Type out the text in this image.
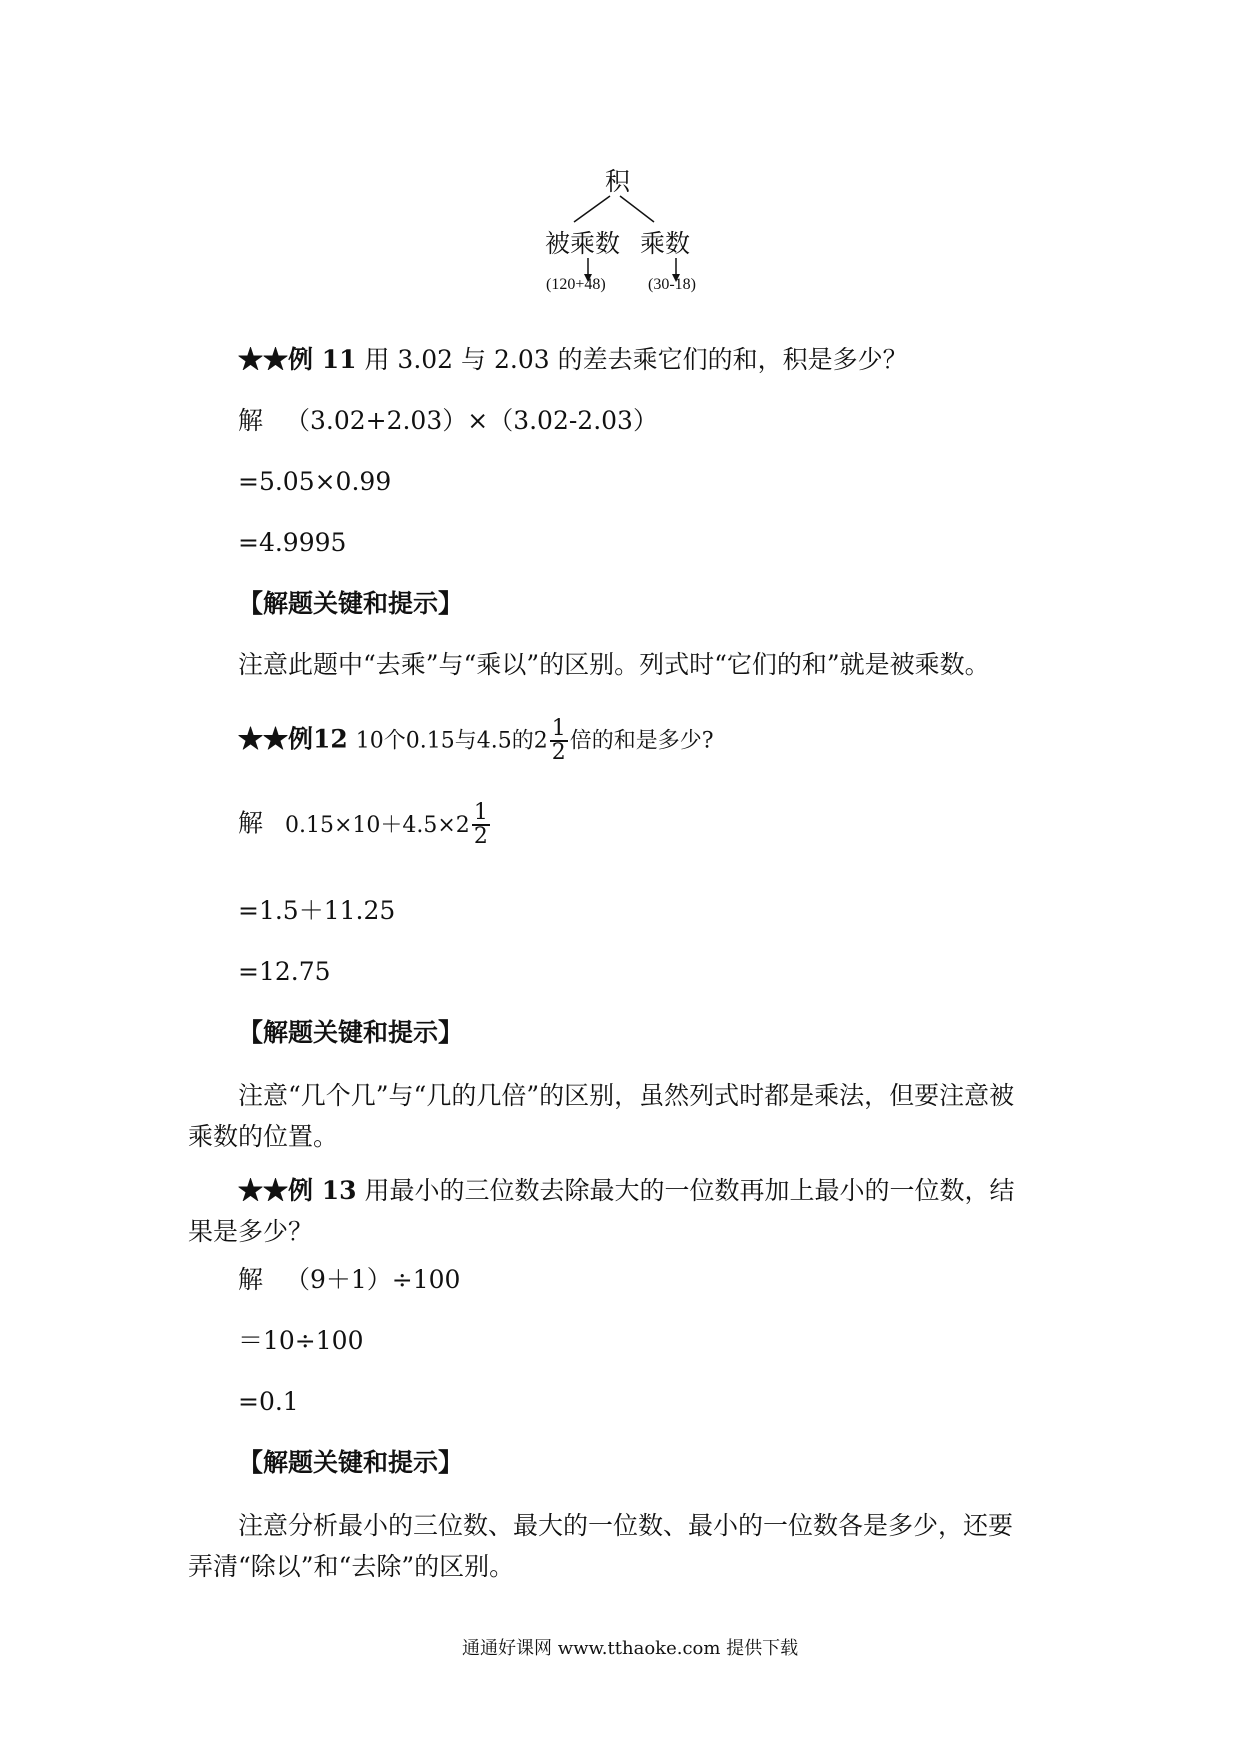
积
被乘数 乘数
(120+48)	(30-18)
★★例 11 用 3.02 与 2.03 的差去乘它们的和，积是多少？
解 （3.02+2.03）×（3.02-2.03）
=5.05×0.99
=4.9995
【解题关键和提示】
注意此题中“去乘”与“乘以”的区别。列式时“它们的和”就是被乘数。
★★例12 10个0.15与4.5的$2 \frac{1}{2}$ 倍的和是多少?
解 $0.15\times 10+4.5\times 2 \frac{1}{2}$
=1.5＋11.25
=12.75
【解题关键和提示】
注意“几个几”与“几的几倍”的区别，虽然列式时都是乘法，但要注意被乘数的位置。
★★例 13 用最小的三位数去除最大的一位数再加上最小的一位数，结果是多少？
解 （9＋1）÷100
＝10÷100
=0.1
【解题关键和提示】
注意分析最小的三位数、最大的一位数、最小的一位数各是多少，还要弄清“除以”和“去除”的区别。
通通好课网 www.tthaoke.com 提供下载
